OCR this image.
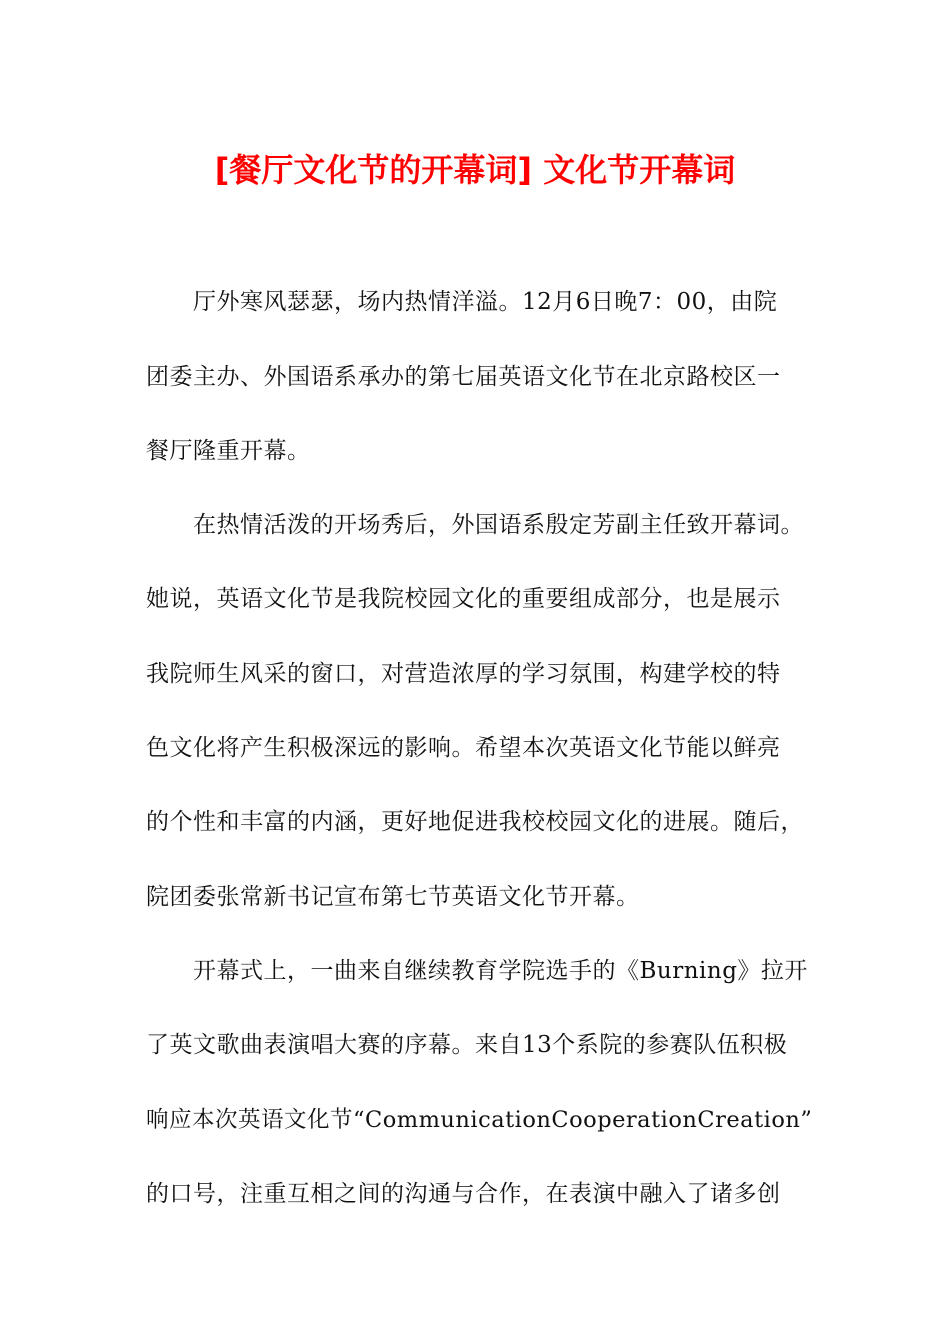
[餐厅文化节的开幕词] 文化节开幕词
厅外寒风瑟瑟，场内热情洋溢。12月6日晚7：00，由院
团委主办、外国语系承办的第七届英语文化节在北京路校区一
餐厅隆重开幕。
在热情活泼的开场秀后，外国语系殷定芳副主任致开幕词。
她说，英语文化节是我院校园文化的重要组成部分，也是展示
我院师生风采的窗口，对营造浓厚的学习氛围，构建学校的特
色文化将产生积极深远的影响。希望本次英语文化节能以鲜亮
的个性和丰富的内涵，更好地促进我校校园文化的进展。随后，
院团委张常新书记宣布第七节英语文化节开幕。
开幕式上，一曲来自继续教育学院选手的《Burning》拉开
了英文歌曲表演唱大赛的序幕。来自13个系院的参赛队伍积极
响应本次英语文化节“CommunicationCooperationCreation”
的口号，注重互相之间的沟通与合作，在表演中融入了诸多创
